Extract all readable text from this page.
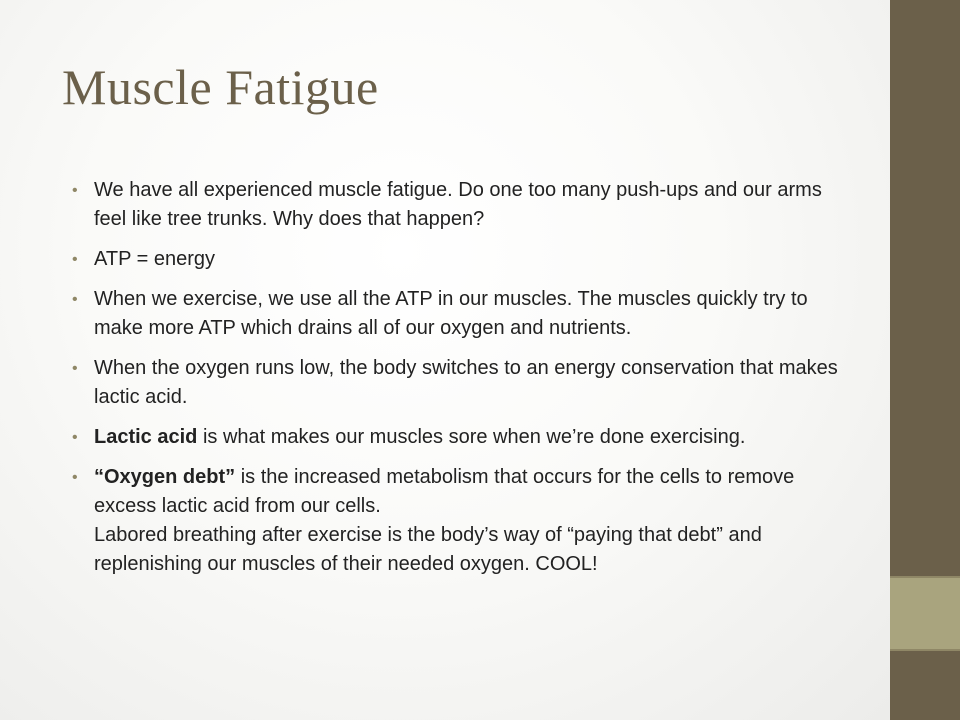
Muscle Fatigue
• We have all experienced muscle fatigue. Do one too many push-ups and our arms feel like tree trunks. Why does that happen?
• ATP = energy
• When we exercise, we use all the ATP in our muscles. The muscles quickly try to make more ATP which drains all of our oxygen and nutrients.
• When the oxygen runs low, the body switches to an energy conservation that makes lactic acid.
• Lactic acid is what makes our muscles sore when we’re done exercising.
• “Oxygen debt” is the increased metabolism that occurs for the cells to remove excess lactic acid from our cells.
Labored breathing after exercise is the body’s way of “paying that debt” and replenishing our muscles of their needed oxygen. COOL!
